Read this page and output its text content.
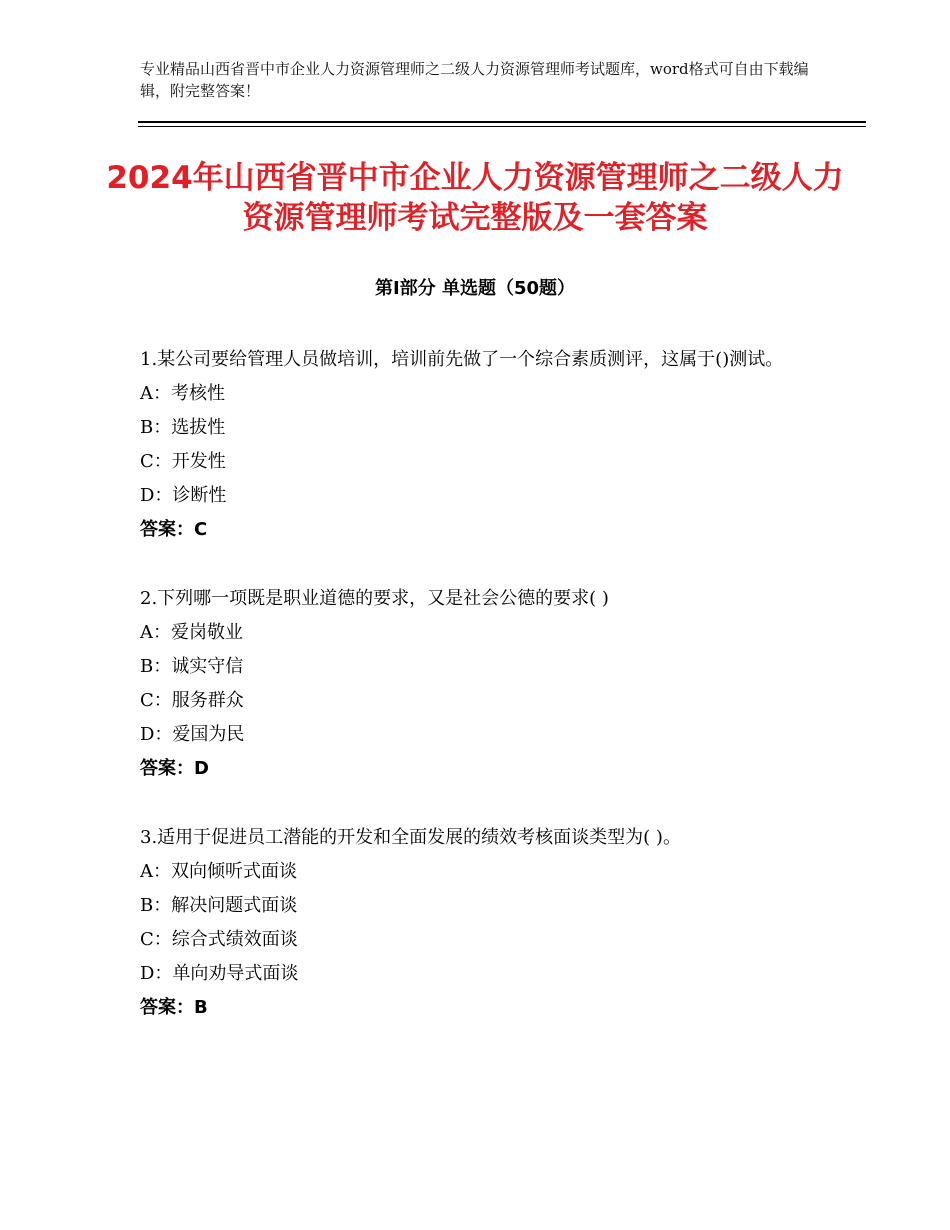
专业精品山西省晋中市企业人力资源管理师之二级人力资源管理师考试题库，word格式可自由下载编辑，附完整答案！
2024年山西省晋中市企业人力资源管理师之二级人力资源管理师考试完整版及一套答案
第Ⅰ部分 单选题（50题）
1.某公司要给管理人员做培训，培训前先做了一个综合素质测评，这属于()测试。
A：考核性
B：选拔性
C：开发性
D：诊断性
答案：C
2.下列哪一项既是职业道德的要求，又是社会公德的要求( )
A：爱岗敬业
B：诚实守信
C：服务群众
D：爱国为民
答案：D
3.适用于促进员工潜能的开发和全面发展的绩效考核面谈类型为( )。
A：双向倾听式面谈
B：解决问题式面谈
C：综合式绩效面谈
D：单向劝导式面谈
答案：B
